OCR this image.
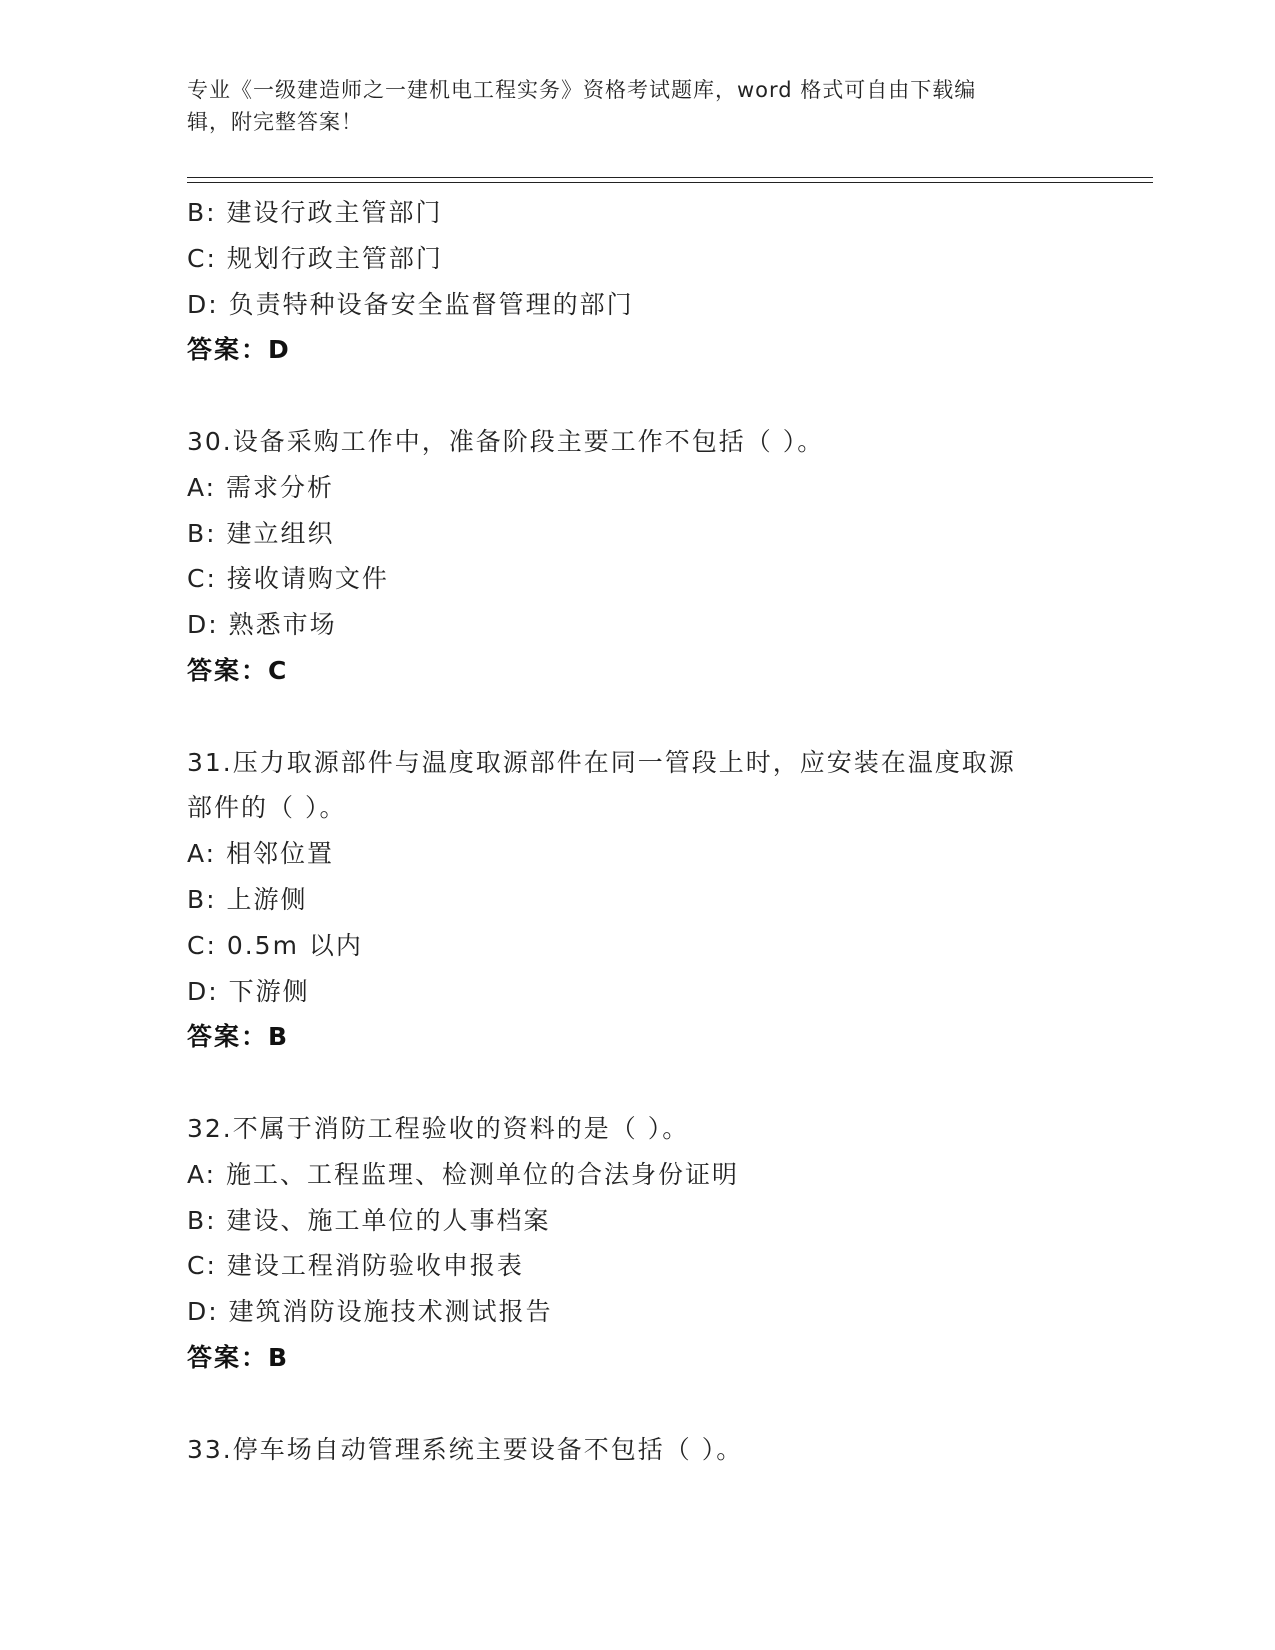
专业《一级建造师之一建机电工程实务》资格考试题库，word 格式可自由下载编
辑，附完整答案！
B: 建设行政主管部门
C: 规划行政主管部门
D: 负责特种设备安全监督管理的部门
答案：D
30.设备采购工作中，准备阶段主要工作不包括（ ）。
A: 需求分析
B: 建立组织
C: 接收请购文件
D: 熟悉市场
答案：C
31.压力取源部件与温度取源部件在同一管段上时，应安装在温度取源
部件的（ ）。
A: 相邻位置
B: 上游侧
C: 0.5m 以内
D: 下游侧
答案：B
32.不属于消防工程验收的资料的是（ ）。
A: 施工、工程监理、检测单位的合法身份证明
B: 建设、施工单位的人事档案
C: 建设工程消防验收申报表
D: 建筑消防设施技术测试报告
答案：B
33.停车场自动管理系统主要设备不包括（ ）。
